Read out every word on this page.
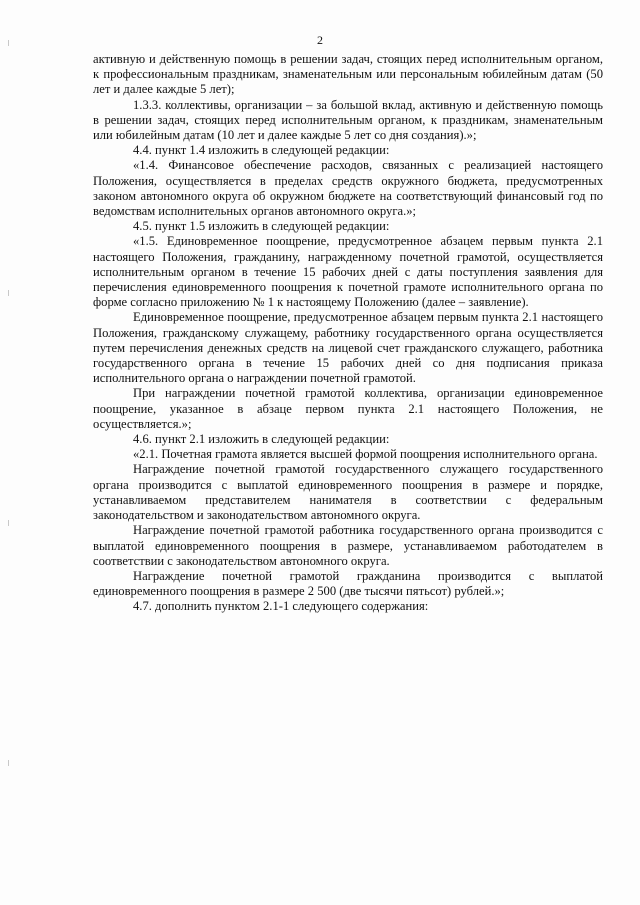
2

активную и действенную помощь в решении задач, стоящих перед исполнительным органом, к профессиональным праздникам, знаменательным или персональным юбилейным датам (50 лет и далее каждые 5 лет);

1.3.3. коллективы, организации – за большой вклад, активную и действенную помощь в решении задач, стоящих перед исполнительным органом, к праздникам, знаменательным или юбилейным датам (10 лет и далее каждые 5 лет со дня создания).»;

4.4. пункт 1.4 изложить в следующей редакции:

«1.4. Финансовое обеспечение расходов, связанных с реализацией настоящего Положения, осуществляется в пределах средств окружного бюджета, предусмотренных законом автономного округа об окружном бюджете на соответствующий финансовый год по ведомствам исполнительных органов автономного округа.»;

4.5. пункт 1.5 изложить в следующей редакции:

«1.5. Единовременное поощрение, предусмотренное абзацем первым пункта 2.1 настоящего Положения, гражданину, награжденному почетной грамотой, осуществляется исполнительным органом в течение 15 рабочих дней с даты поступления заявления для перечисления единовременного поощрения к почетной грамоте исполнительного органа по форме согласно приложению № 1 к настоящему Положению (далее – заявление).

Единовременное поощрение, предусмотренное абзацем первым пункта 2.1 настоящего Положения, гражданскому служащему, работнику государственного органа осуществляется путем перечисления денежных средств на лицевой счет гражданского служащего, работника государственного органа в течение 15 рабочих дней со дня подписания приказа исполнительного органа о награждении почетной грамотой.

При награждении почетной грамотой коллектива, организации единовременное поощрение, указанное в абзаце первом пункта 2.1 настоящего Положения, не осуществляется.»;

4.6. пункт 2.1 изложить в следующей редакции:

«2.1. Почетная грамота является высшей формой поощрения исполнительного органа.

Награждение почетной грамотой государственного служащего государственного органа производится с выплатой единовременного поощрения в размере и порядке, устанавливаемом представителем нанимателя в соответствии с федеральным законодательством и законодательством автономного округа.

Награждение почетной грамотой работника государственного органа производится с выплатой единовременного поощрения в размере, устанавливаемом работодателем в соответствии с законодательством автономного округа.

Награждение почетной грамотой гражданина производится с выплатой единовременного поощрения в размере 2 500 (две тысячи пятьсот) рублей.»;

4.7. дополнить пунктом 2.1-1 следующего содержания:
